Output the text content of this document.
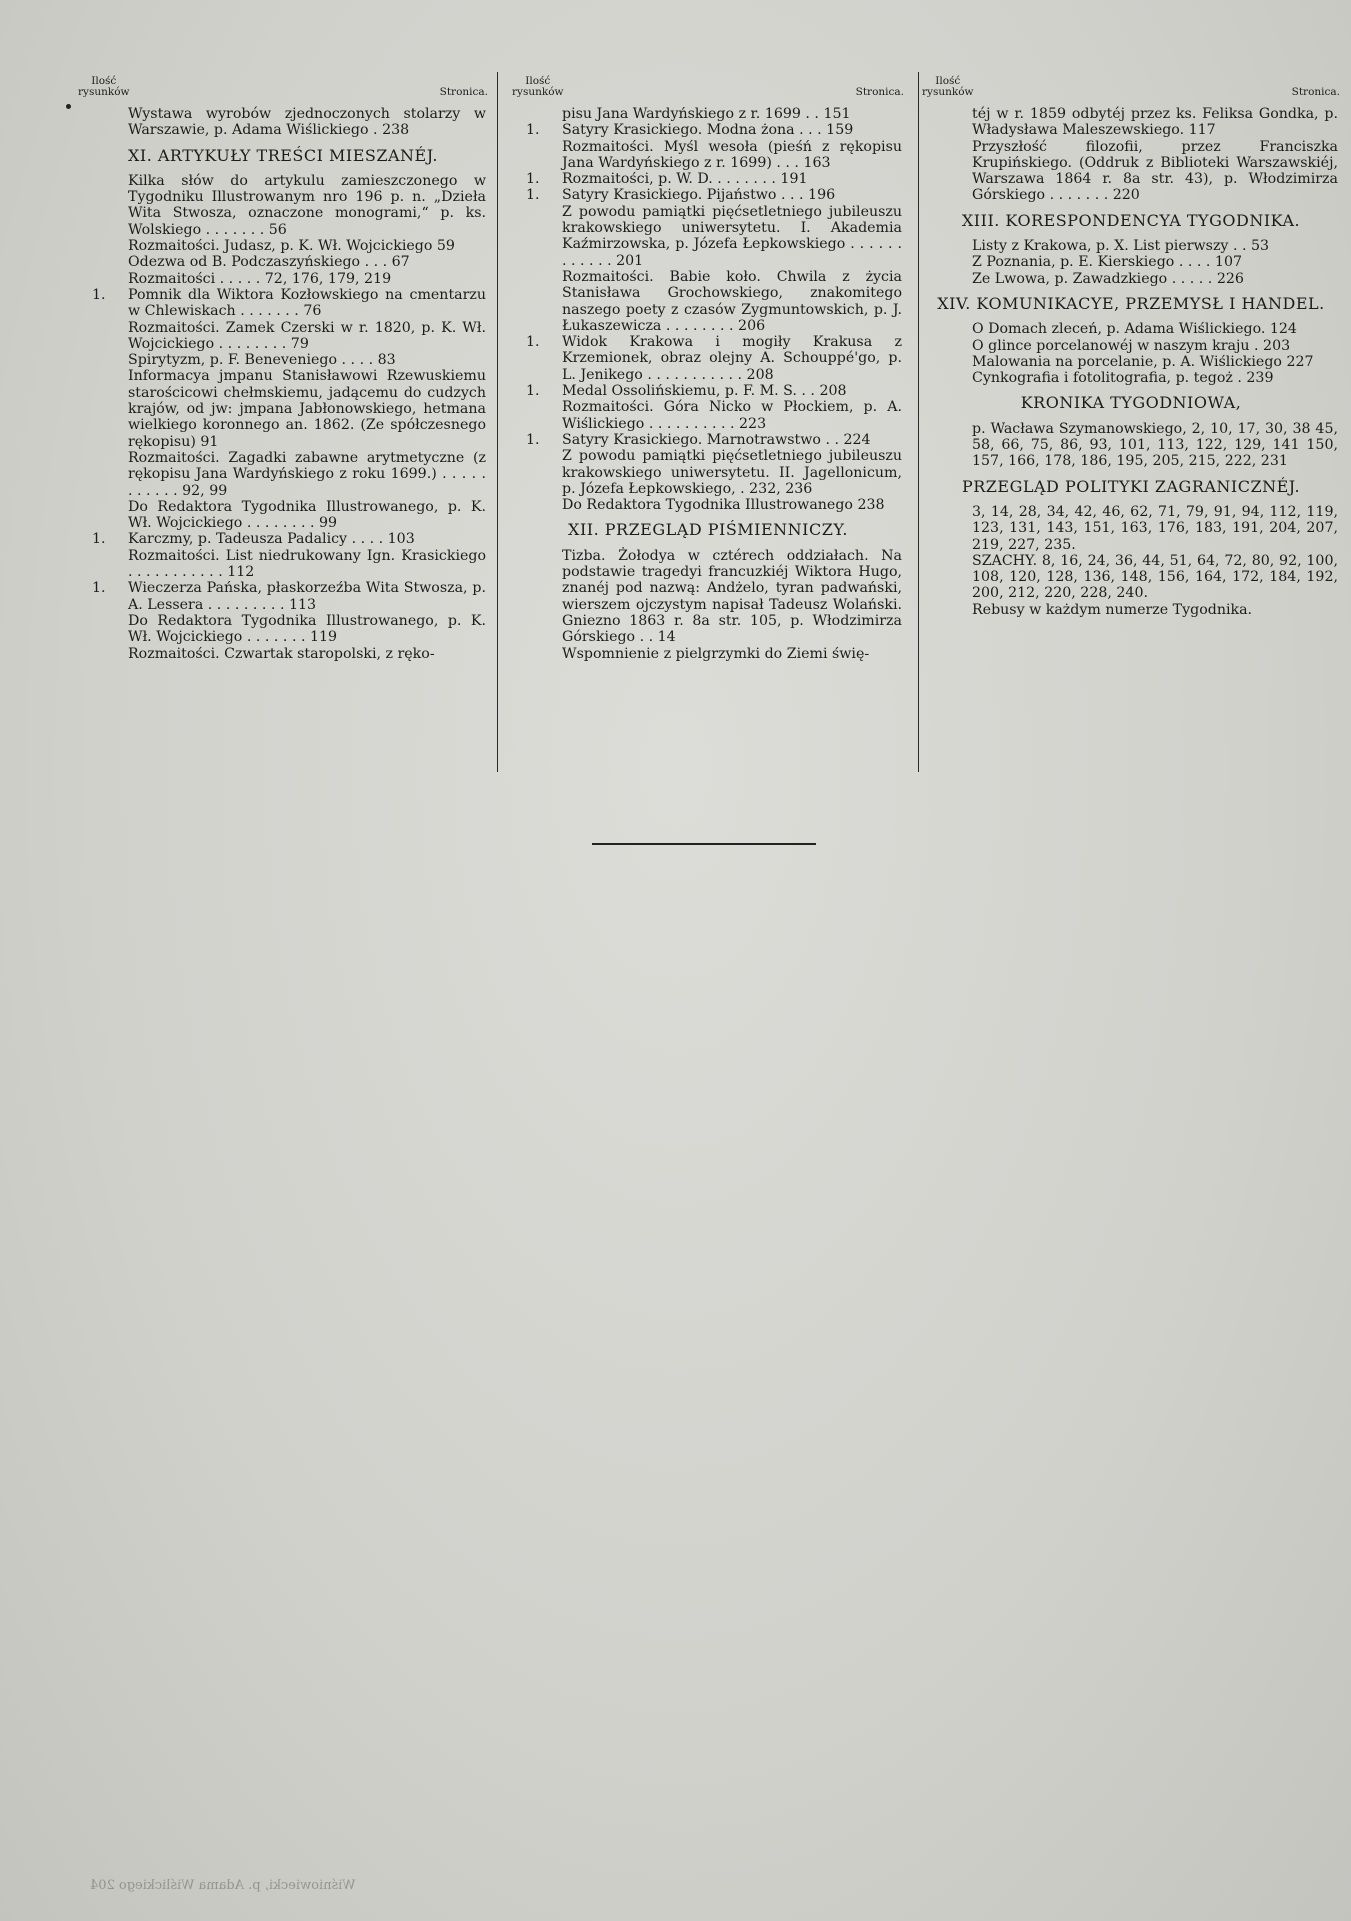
Ilość
rysunków	Stronica.
Wystawa wyrobów zjednoczonych stolarzy w Warszawie, p. Adama Wiślickiego . 238
XI. ARTYKUŁY TREŚCI MIESZANÉJ.
Kilka słów do artykulu zamieszczonego w Tygodniku Illustrowanym nro 196 p. n. „Dzieła Wita Stwosza, oznaczone monogrami,“ p. ks. Wolskiego . . . . . . . 56
Rozmaitości. Judasz, p. K. Wł. Wojcickiego 59
Odezwa od B. Podczaszyńskiego . . . 67
Rozmaitości . . . . . 72, 176, 179, 219
1. Pomnik dla Wiktora Kozłowskiego na cmentarzu w Chlewiskach . . . . . . . 76
Rozmaitości. Zamek Czerski w r. 1820, p. K. Wł. Wojcickiego . . . . . . . . 79
Spirytyzm, p. F. Beneveniego . . . . 83
Informacya jmpanu Stanisławowi Rzewuskiemu starościcowi chełmskiemu, jadącemu do cudzych krajów, od jw: jmpana Jabłonowskiego, hetmana wielkiego koronnego an. 1862. (Ze spółczesnego rękopisu) 91
Rozmaitości. Zagadki zabawne arytmetyczne (z rękopisu Jana Wardyńskiego z roku 1699.) . . . . . . . . . . . 92, 99
Do Redaktora Tygodnika Illustrowanego, p. K. Wł. Wojcickiego . . . . . . . . 99
1. Karczmy, p. Tadeusza Padalicy . . . . 103
Rozmaitości. List niedrukowany Ign. Krasickiego . . . . . . . . . . . 112
1. Wieczerza Pańska, płaskorzeźba Wita Stwosza, p. A. Lessera . . . . . . . . . 113
Do Redaktora Tygodnika Illustrowanego, p. K. Wł. Wojcickiego . . . . . . . 119
Rozmaitości. Czwartak staropolski, z ręko-
Ilość
rysunków	Stronica.
pisu Jana Wardyńskiego z r. 1699 . . 151
1. Satyry Krasickiego. Modna żona . . . 159
Rozmaitości. Myśl wesoła (pieśń z rękopisu Jana Wardyńskiego z r. 1699) . . . 163
1. Rozmaitości, p. W. D. . . . . . . . 191
1. Satyry Krasickiego. Pijaństwo . . . 196
Z powodu pamiątki pięćsetletniego jubileuszu krakowskiego uniwersytetu. I. Akademia Kaźmirzowska, p. Józefa Łepkowskiego . . . . . . . . . . . . 201
Rozmaitości. Babie koło. Chwila z życia Stanisława Grochowskiego, znakomitego naszego poety z czasów Zygmuntowskich, p. J. Łukaszewicza . . . . . . . . 206
1. Widok Krakowa i mogiły Krakusa z Krzemionek, obraz olejny A. Schouppé'go, p. L. Jenikego . . . . . . . . . . . 208
1. Medal Ossolińskiemu, p. F. M. S. . . 208
Rozmaitości. Góra Nicko w Płockiem, p. A. Wiślickiego . . . . . . . . . . 223
1. Satyry Krasickiego. Marnotrawstwo . . 224
Z powodu pamiątki pięćsetletniego jubileuszu krakowskiego uniwersytetu. II. Jagellonicum, p. Józefa Łepkowskiego, . 232, 236
Do Redaktora Tygodnika Illustrowanego 238
XII. PRZEGLĄD PIŚMIENNICZY.
Tizba. Żołodya w cztérech oddziałach. Na podstawie tragedyi francuzkiéj Wiktora Hugo, znanéj pod nazwą: Andżelo, tyran padwański, wierszem ojczystym napisał Tadeusz Wolański. Gniezno 1863 r. 8a str. 105, p. Włodzimirza Górskiego . . 14
Wspomnienie z pielgrzymki do Ziemi świę-
Ilość
rysunków	Stronica.
téj w r. 1859 odbytéj przez ks. Feliksa Gondka, p. Władysława Maleszewskiego. 117
Przyszłość filozofii, przez Franciszka Krupińskiego. (Oddruk z Biblioteki Warszawskiéj, Warszawa 1864 r. 8a str. 43), p. Włodzimirza Górskiego . . . . . . . 220
XIII. KORESPONDENCYA TYGODNIKA.
Listy z Krakowa, p. X. List pierwszy . . 53
Z Poznania, p. E. Kierskiego . . . . 107
Ze Lwowa, p. Zawadzkiego . . . . . 226
XIV. KOMUNIKACYE, PRZEMYSŁ I HANDEL.
O Domach zleceń, p. Adama Wiślickiego. 124
O glince porcelanowéj w naszym kraju . 203
Malowania na porcelanie, p. A. Wiślickiego 227
Cynkografia i fotolitografia, p. tegoż . 239
KRONIKA TYGODNIOWA,
p. Wacława Szymanowskiego, 2, 10, 17, 30, 38 45, 58, 66, 75, 86, 93, 101, 113, 122, 129, 141 150, 157, 166, 178, 186, 195, 205, 215, 222, 231
PRZEGLĄD POLITYKI ZAGRANICZNÉJ.
3, 14, 28, 34, 42, 46, 62, 71, 79, 91, 94, 112, 119, 123, 131, 143, 151, 163, 176, 183, 191, 204, 207, 219, 227, 235.
SZACHY. 8, 16, 24, 36, 44, 51, 64, 72, 80, 92, 100, 108, 120, 128, 136, 148, 156, 164, 172, 184, 192, 200, 212, 220, 228, 240.
Rebusy w każdym numerze Tygodnika.
Wiśniowiecki, p. Adama Wiślickiego 204
